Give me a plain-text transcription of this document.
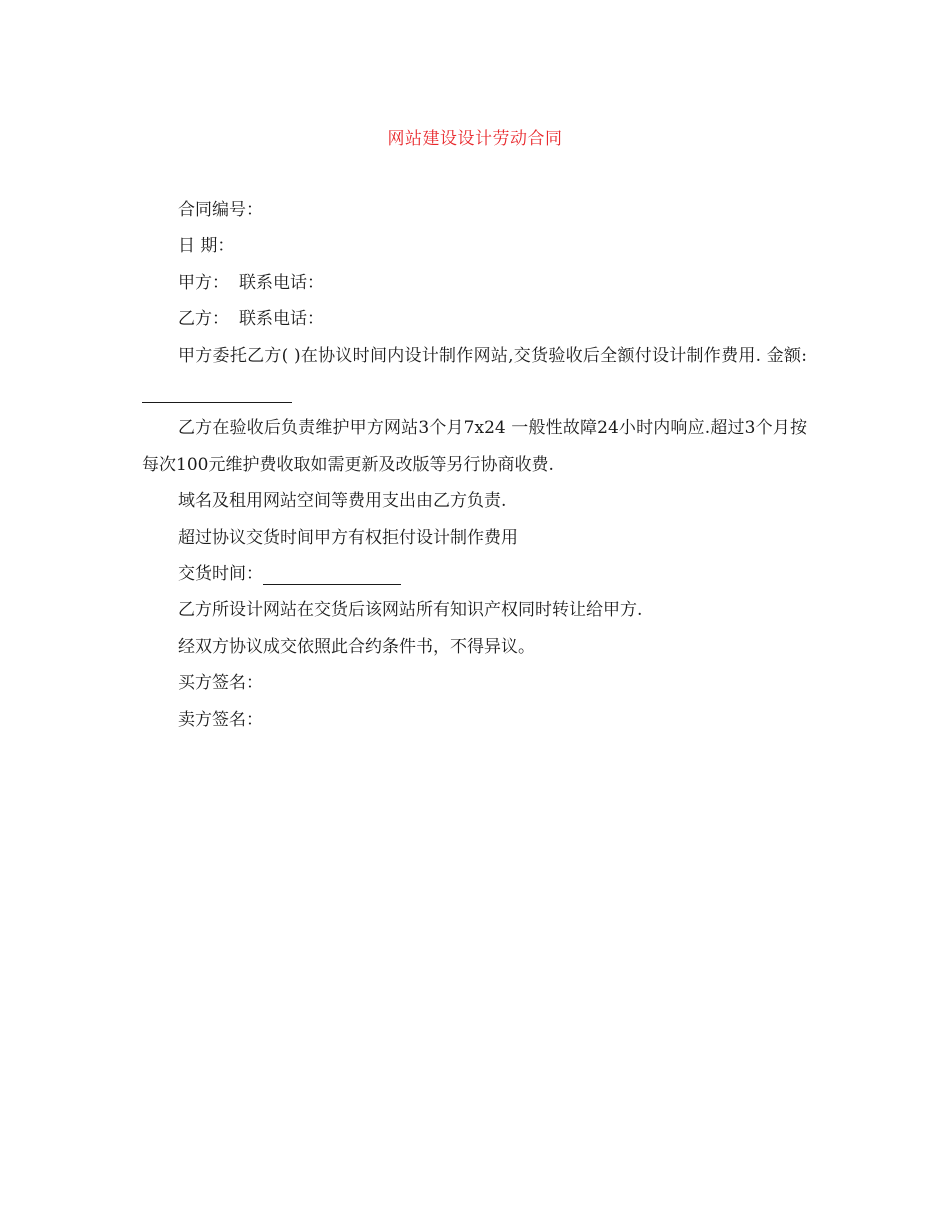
网站建设设计劳动合同

合同编号：

日 期：

甲方： 联系电话：

乙方： 联系电话：

甲方委托乙方( )在协议时间内设计制作网站,交货验收后全额付设计制作费用. 金额:

乙方在验收后负责维护甲方网站3个月7x24 一般性故障24小时内响应.超过3个月按每次100元维护费收取如需更新及改版等另行协商收费.

域名及租用网站空间等费用支出由乙方负责.

超过协议交货时间甲方有权拒付设计制作费用

交货时间：

乙方所设计网站在交货后该网站所有知识产权同时转让给甲方.

经双方协议成交依照此合约条件书，不得异议。

买方签名：

卖方签名：
